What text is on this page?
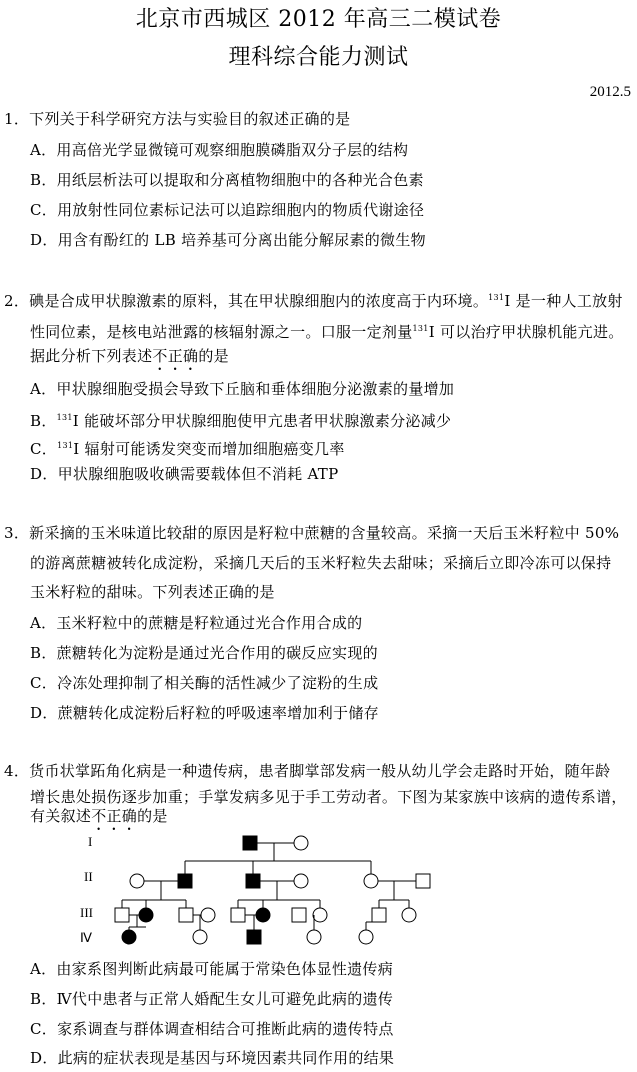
北京市西城区 2012 年高三二模试卷
理科综合能力测试
2012.5
1．下列关于科学研究方法与实验目的叙述正确的是
A．用高倍光学显微镜可观察细胞膜磷脂双分子层的结构
B．用纸层析法可以提取和分离植物细胞中的各种光合色素
C．用放射性同位素标记法可以追踪细胞内的物质代谢途径
D．用含有酚红的 LB 培养基可分离出能分解尿素的微生物
2．碘是合成甲状腺激素的原料，其在甲状腺细胞内的浓度高于内环境。$^{131}$I 是一种人工放射
性同位素，是核电站泄露的核辐射源之一。口服一定剂量$^{131}$I 可以治疗甲状腺机能亢进。
据此分析下列表述不正确的是
A．甲状腺细胞受损会导致下丘脑和垂体细胞分泌激素的量增加
B．$^{131}$I 能破坏部分甲状腺细胞使甲亢患者甲状腺激素分泌减少
C．$^{131}$I 辐射可能诱发突变而增加细胞癌变几率
D．甲状腺细胞吸收碘需要载体但不消耗 ATP
3．新采摘的玉米味道比较甜的原因是籽粒中蔗糖的含量较高。采摘一天后玉米籽粒中 50%
的游离蔗糖被转化成淀粉，采摘几天后的玉米籽粒失去甜味；采摘后立即冷冻可以保持
玉米籽粒的甜味。下列表述正确的是
A．玉米籽粒中的蔗糖是籽粒通过光合作用合成的
B．蔗糖转化为淀粉是通过光合作用的碳反应实现的
C．冷冻处理抑制了相关酶的活性减少了淀粉的生成
D．蔗糖转化成淀粉后籽粒的呼吸速率增加利于储存
4．货币状掌跖角化病是一种遗传病，患者脚掌部发病一般从幼儿学会走路时开始，随年龄
增长患处损伤逐步加重；手掌发病多见于手工劳动者。下图为某家族中该病的遗传系谱，
有关叙述不正确的是
I
II
III
Ⅳ
A．由家系图判断此病最可能属于常染色体显性遗传病
B．Ⅳ代中患者与正常人婚配生女儿可避免此病的遗传
C．家系调查与群体调查相结合可推断此病的遗传特点
D．此病的症状表现是基因与环境因素共同作用的结果
